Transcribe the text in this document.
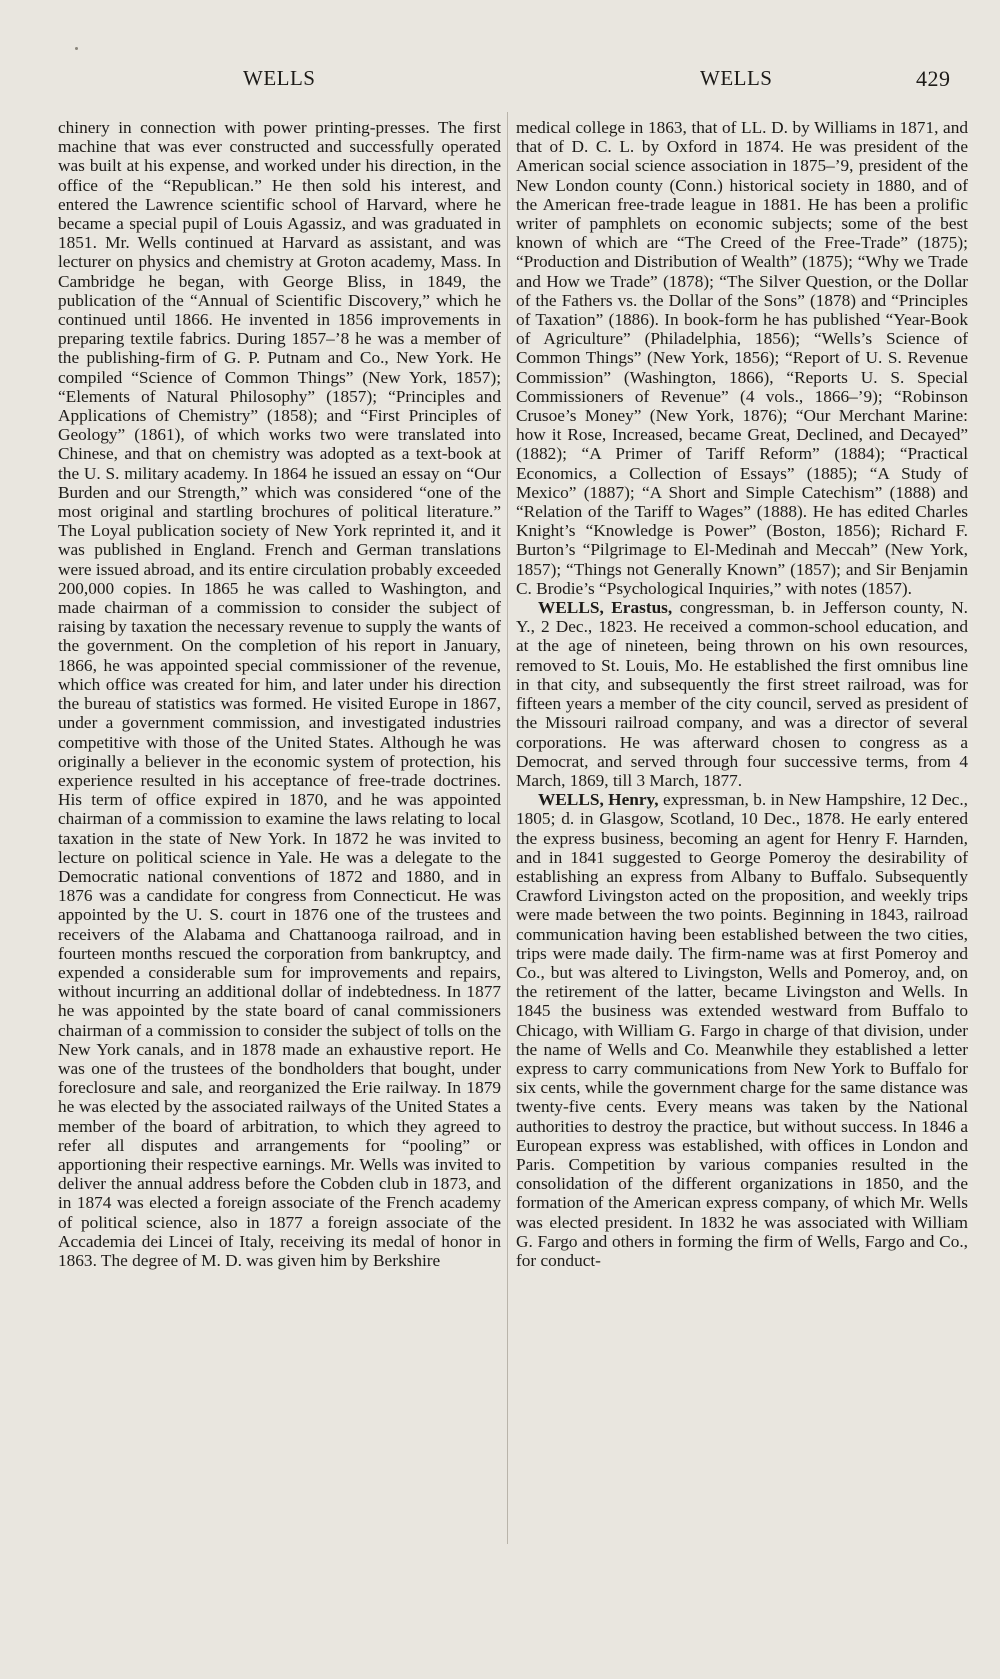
WELLS	WELLS	429

chinery in connection with power printing-presses. The first machine that was ever constructed and successfully operated was built at his expense, and worked under his direction, in the office of the “Republican.” He then sold his interest, and entered the Lawrence scientific school of Harvard, where he became a special pupil of Louis Agassiz, and was graduated in 1851. Mr. Wells continued at Harvard as assistant, and was lecturer on physics and chemistry at Groton academy, Mass. In Cambridge he began, with George Bliss, in 1849, the publication of the “Annual of Scientific Discovery,” which he continued until 1866. He invented in 1856 improvements in preparing textile fabrics. During 1857–’8 he was a member of the publishing-firm of G. P. Putnam and Co., New York. He compiled “Science of Common Things” (New York, 1857); “Elements of Natural Philosophy” (1857); “Principles and Applications of Chemistry” (1858); and “First Principles of Geology” (1861), of which works two were translated into Chinese, and that on chemistry was adopted as a text-book at the U. S. military academy. In 1864 he issued an essay on “Our Burden and our Strength,” which was considered “one of the most original and startling brochures of political literature.” The Loyal publication society of New York reprinted it, and it was published in England. French and German translations were issued abroad, and its entire circulation probably exceeded 200,000 copies. In 1865 he was called to Washington, and made chairman of a commission to consider the subject of raising by taxation the necessary revenue to supply the wants of the government. On the completion of his report in January, 1866, he was appointed special commissioner of the revenue, which office was created for him, and later under his direction the bureau of statistics was formed. He visited Europe in 1867, under a government commission, and investigated industries competitive with those of the United States. Although he was originally a believer in the economic system of protection, his experience resulted in his acceptance of free-trade doctrines. His term of office expired in 1870, and he was appointed chairman of a commission to examine the laws relating to local taxation in the state of New York. In 1872 he was invited to lecture on political science in Yale. He was a delegate to the Democratic national conventions of 1872 and 1880, and in 1876 was a candidate for congress from Connecticut. He was appointed by the U. S. court in 1876 one of the trustees and receivers of the Alabama and Chattanooga railroad, and in fourteen months rescued the corporation from bankruptcy, and expended a considerable sum for improvements and repairs, without incurring an additional dollar of indebtedness. In 1877 he was appointed by the state board of canal commissioners chairman of a commission to consider the subject of tolls on the New York canals, and in 1878 made an exhaustive report. He was one of the trustees of the bondholders that bought, under foreclosure and sale, and reorganized the Erie railway. In 1879 he was elected by the associated railways of the United States a member of the board of arbitration, to which they agreed to refer all disputes and arrangements for “pooling” or apportioning their respective earnings. Mr. Wells was invited to deliver the annual address before the Cobden club in 1873, and in 1874 was elected a foreign associate of the French academy of political science, also in 1877 a foreign associate of the Accademia dei Lincei of Italy, receiving its medal of honor in 1863. The degree of M. D. was given him by Berkshire

medical college in 1863, that of LL. D. by Williams in 1871, and that of D. C. L. by Oxford in 1874. He was president of the American social science association in 1875–’9, president of the New London county (Conn.) historical society in 1880, and of the American free-trade league in 1881. He has been a prolific writer of pamphlets on economic subjects; some of the best known of which are “The Creed of the Free-Trade” (1875); “Production and Distribution of Wealth” (1875); “Why we Trade and How we Trade” (1878); “The Silver Question, or the Dollar of the Fathers vs. the Dollar of the Sons” (1878) and “Principles of Taxation” (1886). In book-form he has published “Year-Book of Agriculture” (Philadelphia, 1856); “Wells’s Science of Common Things” (New York, 1856); “Report of U. S. Revenue Commission” (Washington, 1866), “Reports U. S. Special Commissioners of Revenue” (4 vols., 1866–’9); “Robinson Crusoe’s Money” (New York, 1876); “Our Merchant Marine: how it Rose, Increased, became Great, Declined, and Decayed” (1882); “A Primer of Tariff Reform” (1884); “Practical Economics, a Collection of Essays” (1885); “A Study of Mexico” (1887); “A Short and Simple Catechism” (1888) and “Relation of the Tariff to Wages” (1888). He has edited Charles Knight’s “Knowledge is Power” (Boston, 1856); Richard F. Burton’s “Pilgrimage to El-Medinah and Meccah” (New York, 1857); “Things not Generally Known” (1857); and Sir Benjamin C. Brodie’s “Psychological Inquiries,” with notes (1857).

WELLS, Erastus, congressman, b. in Jefferson county, N. Y., 2 Dec., 1823. He received a common-school education, and at the age of nineteen, being thrown on his own resources, removed to St. Louis, Mo. He established the first omnibus line in that city, and subsequently the first street railroad, was for fifteen years a member of the city council, served as president of the Missouri railroad company, and was a director of several corporations. He was afterward chosen to congress as a Democrat, and served through four successive terms, from 4 March, 1869, till 3 March, 1877.

WELLS, Henry, expressman, b. in New Hampshire, 12 Dec., 1805; d. in Glasgow, Scotland, 10 Dec., 1878. He early entered the express business, becoming an agent for Henry F. Harnden, and in 1841 suggested to George Pomeroy the desirability of establishing an express from Albany to Buffalo. Subsequently Crawford Livingston acted on the proposition, and weekly trips were made between the two points. Beginning in 1843, railroad communication having been established between the two cities, trips were made daily. The firm-name was at first Pomeroy and Co., but was altered to Livingston, Wells and Pomeroy, and, on the retirement of the latter, became Livingston and Wells. In 1845 the business was extended westward from Buffalo to Chicago, with William G. Fargo in charge of that division, under the name of Wells and Co. Meanwhile they established a letter express to carry communications from New York to Buffalo for six cents, while the government charge for the same distance was twenty-five cents. Every means was taken by the National authorities to destroy the practice, but without success. In 1846 a European express was established, with offices in London and Paris. Competition by various companies resulted in the consolidation of the different organizations in 1850, and the formation of the American express company, of which Mr. Wells was elected president. In 1832 he was associated with William G. Fargo and others in forming the firm of Wells, Fargo and Co., for conduct-
